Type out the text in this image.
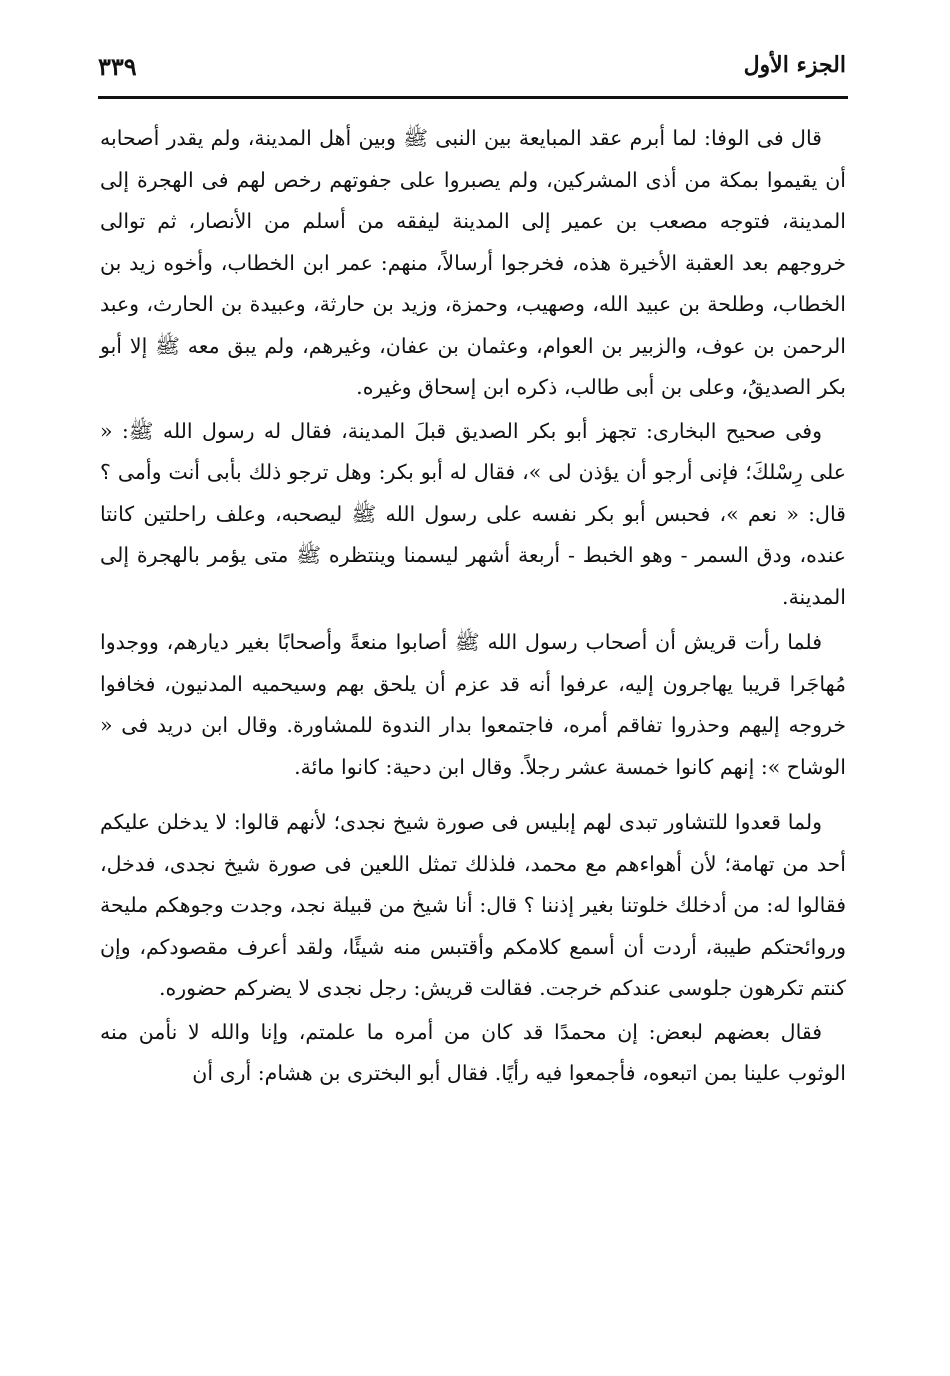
الجزء الأول
٣٣٩

قال فى الوفا: لما أبرم عقد المبايعة بين النبى ﷺ وبين أهل المدينة، ولم يقدر أصحابه أن يقيموا بمكة من أذى المشركين، ولم يصبروا على جفوتهم رخص لهم فى الهجرة إلى المدينة، فتوجه مصعب بن عمير إلى المدينة ليفقه من أسلم من الأنصار، ثم توالى خروجهم بعد العقبة الأخيرة هذه، فخرجوا أرسالاً، منهم: عمر ابن الخطاب، وأخوه زيد بن الخطاب، وطلحة بن عبيد الله، وصهيب، وحمزة، وزيد بن حارثة، وعبيدة بن الحارث، وعبد الرحمن بن عوف، والزبير بن العوام، وعثمان بن عفان، وغيرهم، ولم يبق معه ﷺ إلا أبو بكر الصديقُ، وعلى بن أبى طالب، ذكره ابن إسحاق وغيره.

وفى صحيح البخارى: تجهز أبو بكر الصديق قبلَ المدينة، فقال له رسول الله ﷺ: « على رِسْلكَ؛ فإنى أرجو أن يؤذن لى »، فقال له أبو بكر: وهل ترجو ذلك بأبى أنت وأمى ؟ قال: « نعم »، فحبس أبو بكر نفسه على رسول الله ﷺ ليصحبه، وعلف راحلتين كانتا عنده، ودق السمر - وهو الخبط - أربعة أشهر ليسمنا وينتظره ﷺ متى يؤمر بالهجرة إلى المدينة.

فلما رأت قريش أن أصحاب رسول الله ﷺ أصابوا منعةً وأصحابًا بغير ديارهم، ووجدوا مُهاجَرا قريبا يهاجرون إليه، عرفوا أنه قد عزم أن يلحق بهم وسيحميه المدنيون، فخافوا خروجه إليهم وحذروا تفاقم أمره، فاجتمعوا بدار الندوة للمشاورة. وقال ابن دريد فى « الوشاح »: إنهم كانوا خمسة عشر رجلاً. وقال ابن دحية: كانوا مائة.

ولما قعدوا للتشاور تبدى لهم إبليس فى صورة شيخ نجدى؛ لأنهم قالوا: لا يدخلن عليكم أحد من تهامة؛ لأن أهواءهم مع محمد، فلذلك تمثل اللعين فى صورة شيخ نجدى، فدخل، فقالوا له: من أدخلك خلوتنا بغير إذننا ؟ قال: أنا شيخ من قبيلة نجد، وجدت وجوهكم مليحة وروائحتكم طيبة، أردت أن أسمع كلامكم وأقتبس منه شيئًا، ولقد أعرف مقصودكم، وإن كنتم تكرهون جلوسى عندكم خرجت. فقالت قريش: رجل نجدى لا يضركم حضوره.

فقال بعضهم لبعض: إن محمدًا قد كان من أمره ما علمتم، وإنا والله لا نأمن منه الوثوب علينا بمن اتبعوه، فأجمعوا فيه رأيًا. فقال أبو البخترى بن هشام: أرى أن
